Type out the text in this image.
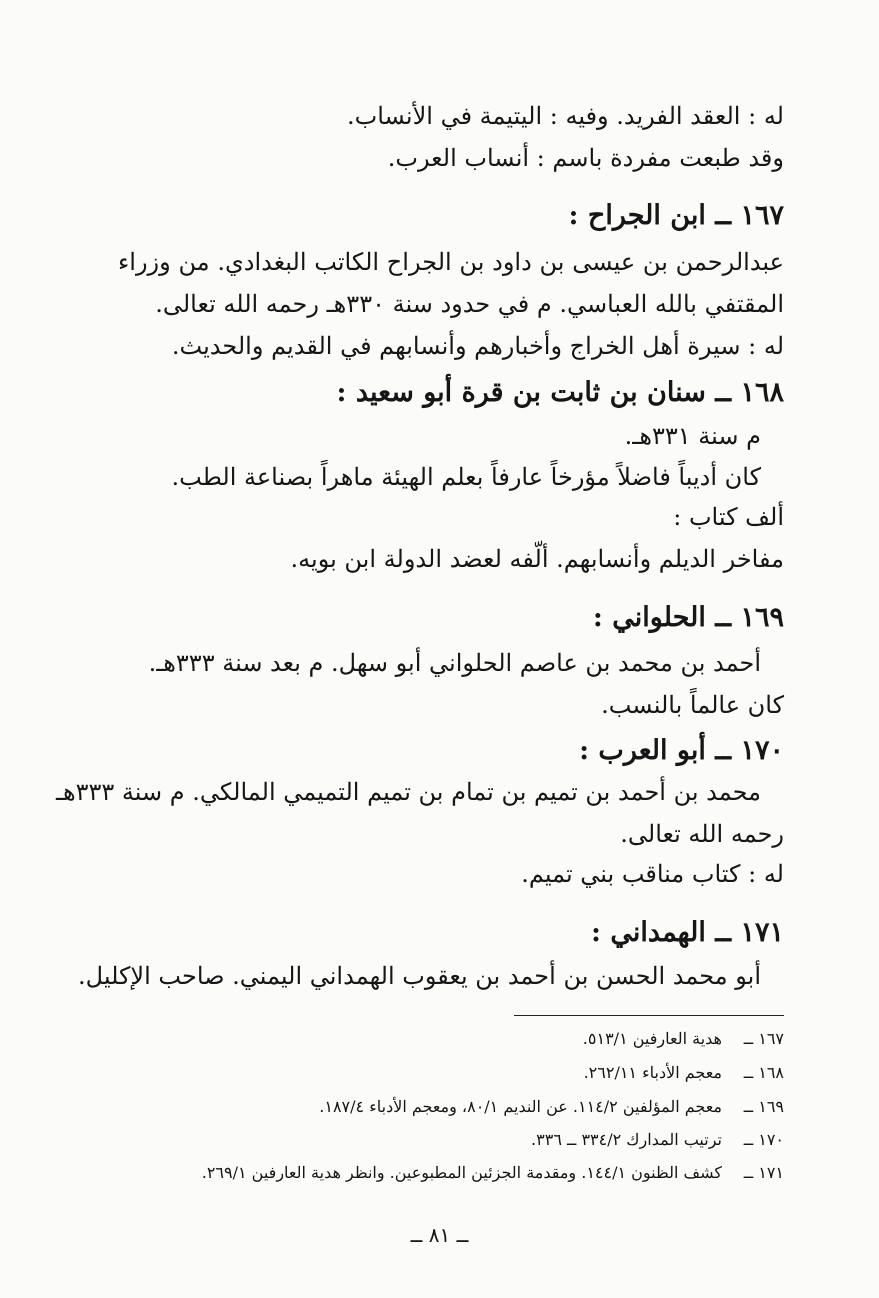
له : العقد الفريد. وفيه : اليتيمة في الأنساب.
وقد طبعت مفردة باسم : أنساب العرب.
١٦٧ ــ ابن الجراح :
عبدالرحمن بن عيسى بن داود بن الجراح الكاتب البغدادي. من وزراء
المقتفي بالله العباسي. م في حدود سنة ٣٣٠هـ رحمه الله تعالى.
له : سيرة أهل الخراج وأخبارهم وأنسابهم في القديم والحديث.
١٦٨ ــ سنان بن ثابت بن قرة أبو سعيد :
م سنة ٣٣١هـ.
كان أديباً فاضلاً مؤرخاً عارفاً بعلم الهيئة ماهراً بصناعة الطب.
ألف كتاب :
مفاخر الديلم وأنسابهم. ألّفه لعضد الدولة ابن بويه.
١٦٩ ــ الحلواني :
أحمد بن محمد بن عاصم الحلواني أبو سهل. م بعد سنة ٣٣٣هـ.
كان عالماً بالنسب.
١٧٠ ــ أبو العرب :
محمد بن أحمد بن تميم بن تمام بن تميم التميمي المالكي. م سنة ٣٣٣هـ
رحمه الله تعالى.
له : كتاب مناقب بني تميم.
١٧١ ــ الهمداني :
أبو محمد الحسن بن أحمد بن يعقوب الهمداني اليمني. صاحب الإكليل.
١٦٧ ــهدية العارفين ٥١٣/١.
١٦٨ ــمعجم الأدباء ٢٦٢/١١.
١٦٩ ــمعجم المؤلفين ١١٤/٢. عن النديم ٨٠/١، ومعجم الأدباء ١٨٧/٤.
١٧٠ ــترتيب المدارك ٣٣٤/٢ ــ ٣٣٦.
١٧١ ــكشف الظنون ١٤٤/١. ومقدمة الجزئين المطبوعين. وانظر هدية العارفين ٢٦٩/١.
ــ ٨١ ــ
